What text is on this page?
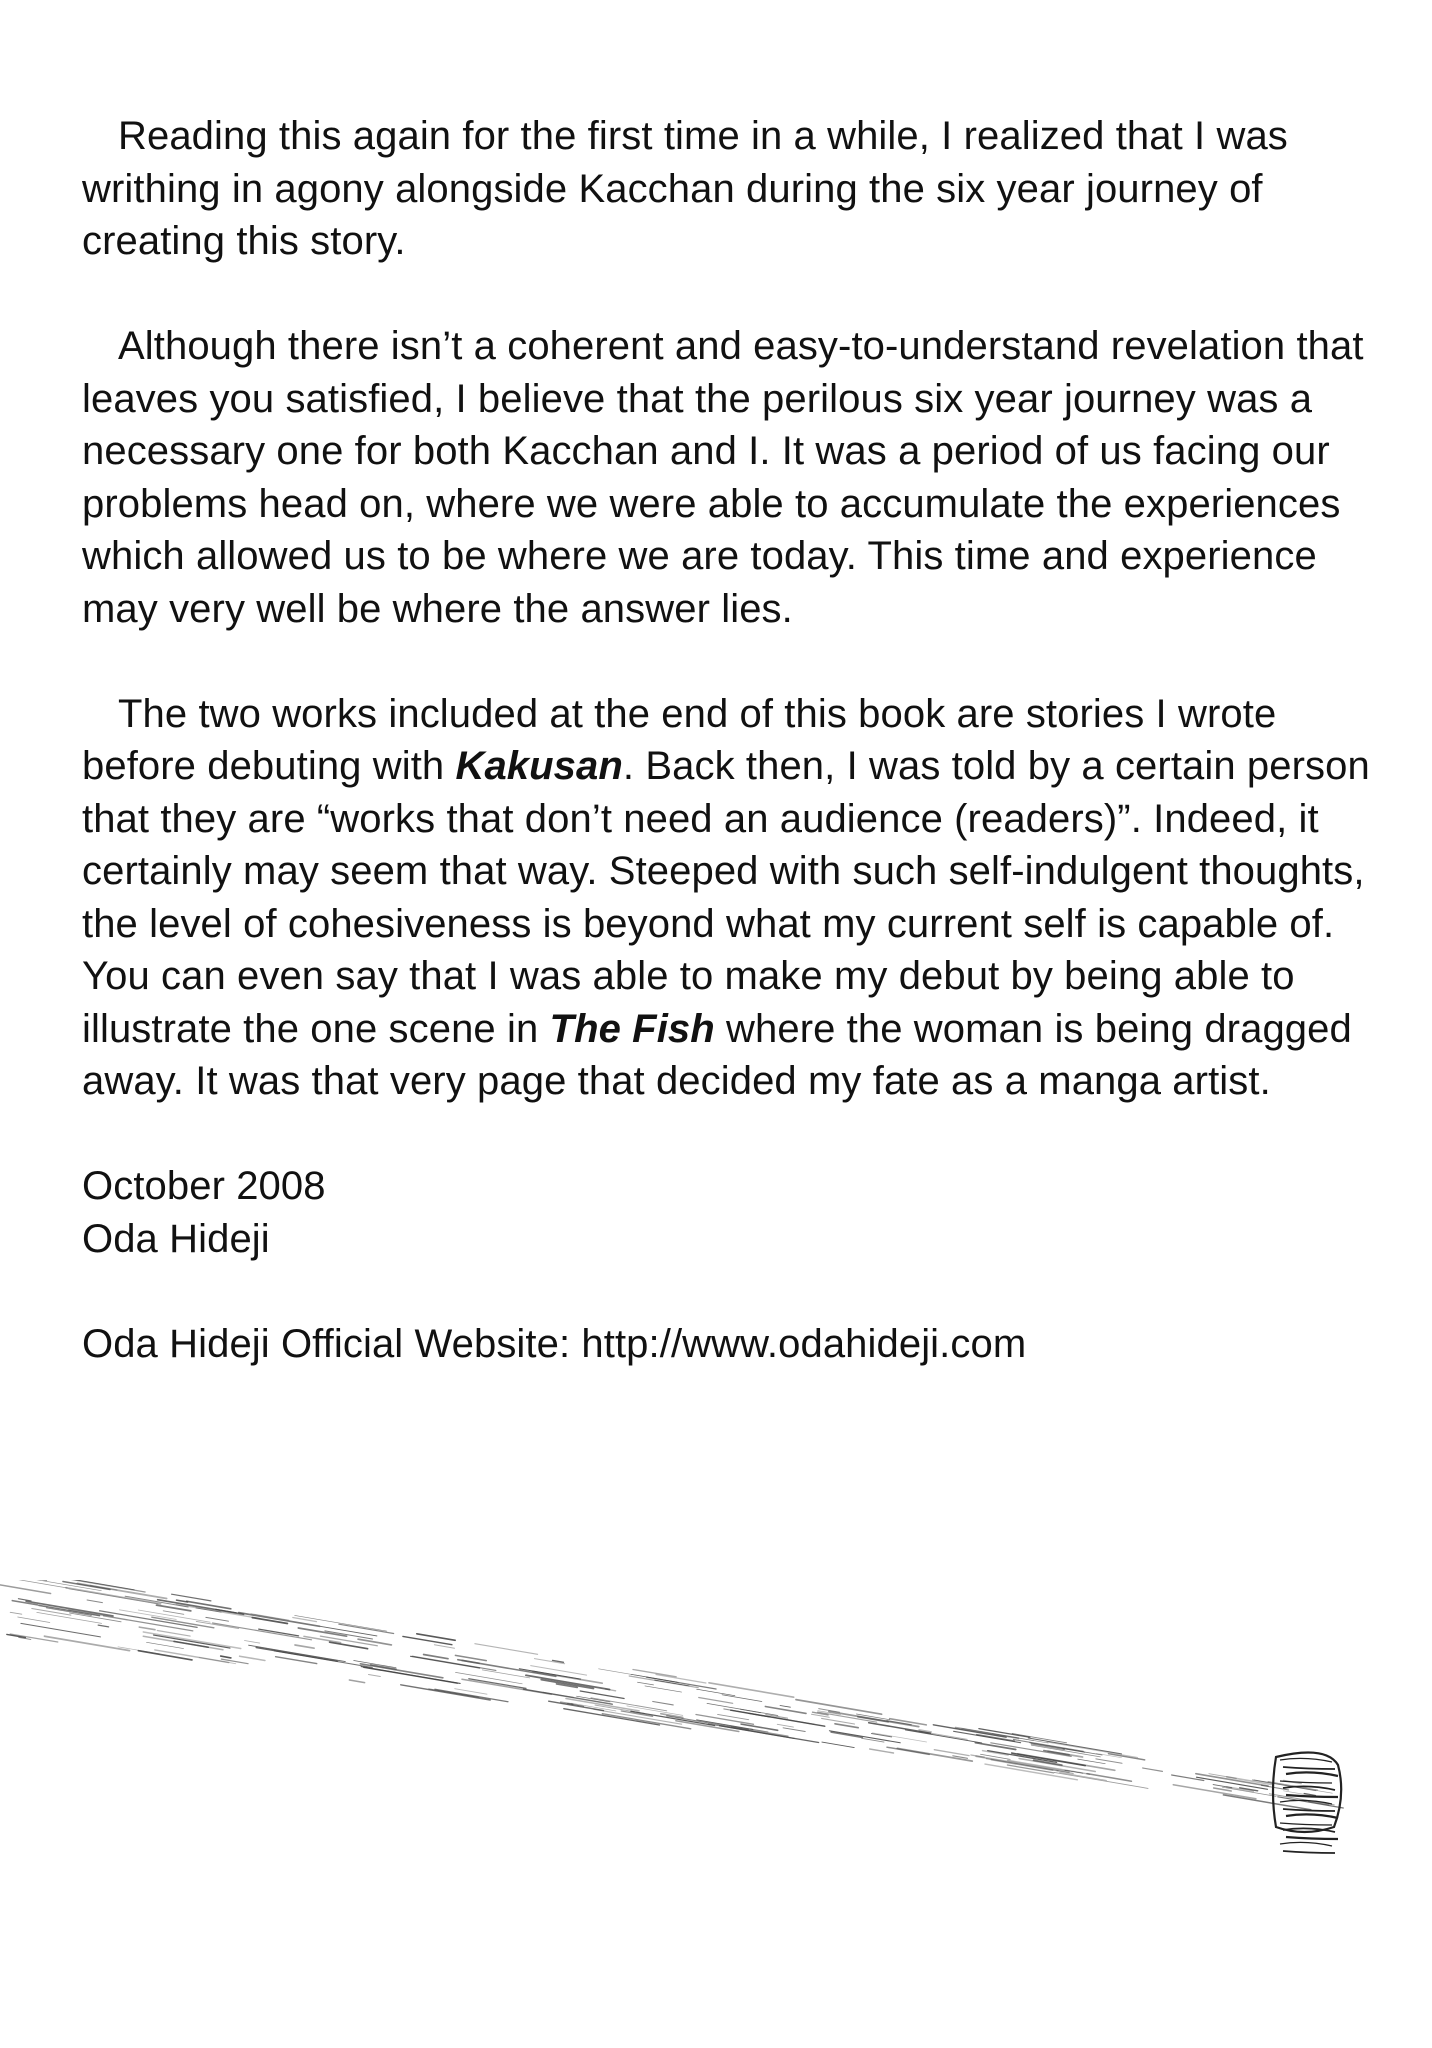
Reading this again for the first time in a while, I realized that I was writhing in agony alongside Kacchan during the six year journey of creating this story.

Although there isn’t a coherent and easy-to-understand revelation that leaves you satisfied, I believe that the perilous six year journey was a necessary one for both Kacchan and I. It was a period of us facing our problems head on, where we were able to accumulate the experiences which allowed us to be where we are today. This time and experience may very well be where the answer lies.

The two works included at the end of this book are stories I wrote before debuting with Kakusan. Back then, I was told by a certain person that they are “works that don’t need an audience (readers)”. Indeed, it certainly may seem that way. Steeped with such self-indulgent thoughts, the level of cohesiveness is beyond what my current self is capable of. You can even say that I was able to make my debut by being able to illustrate the one scene in The Fish where the woman is being dragged away. It was that very page that decided my fate as a manga artist.

October 2008
Oda Hideji

Oda Hideji Official Website: http://www.odahideji.com
